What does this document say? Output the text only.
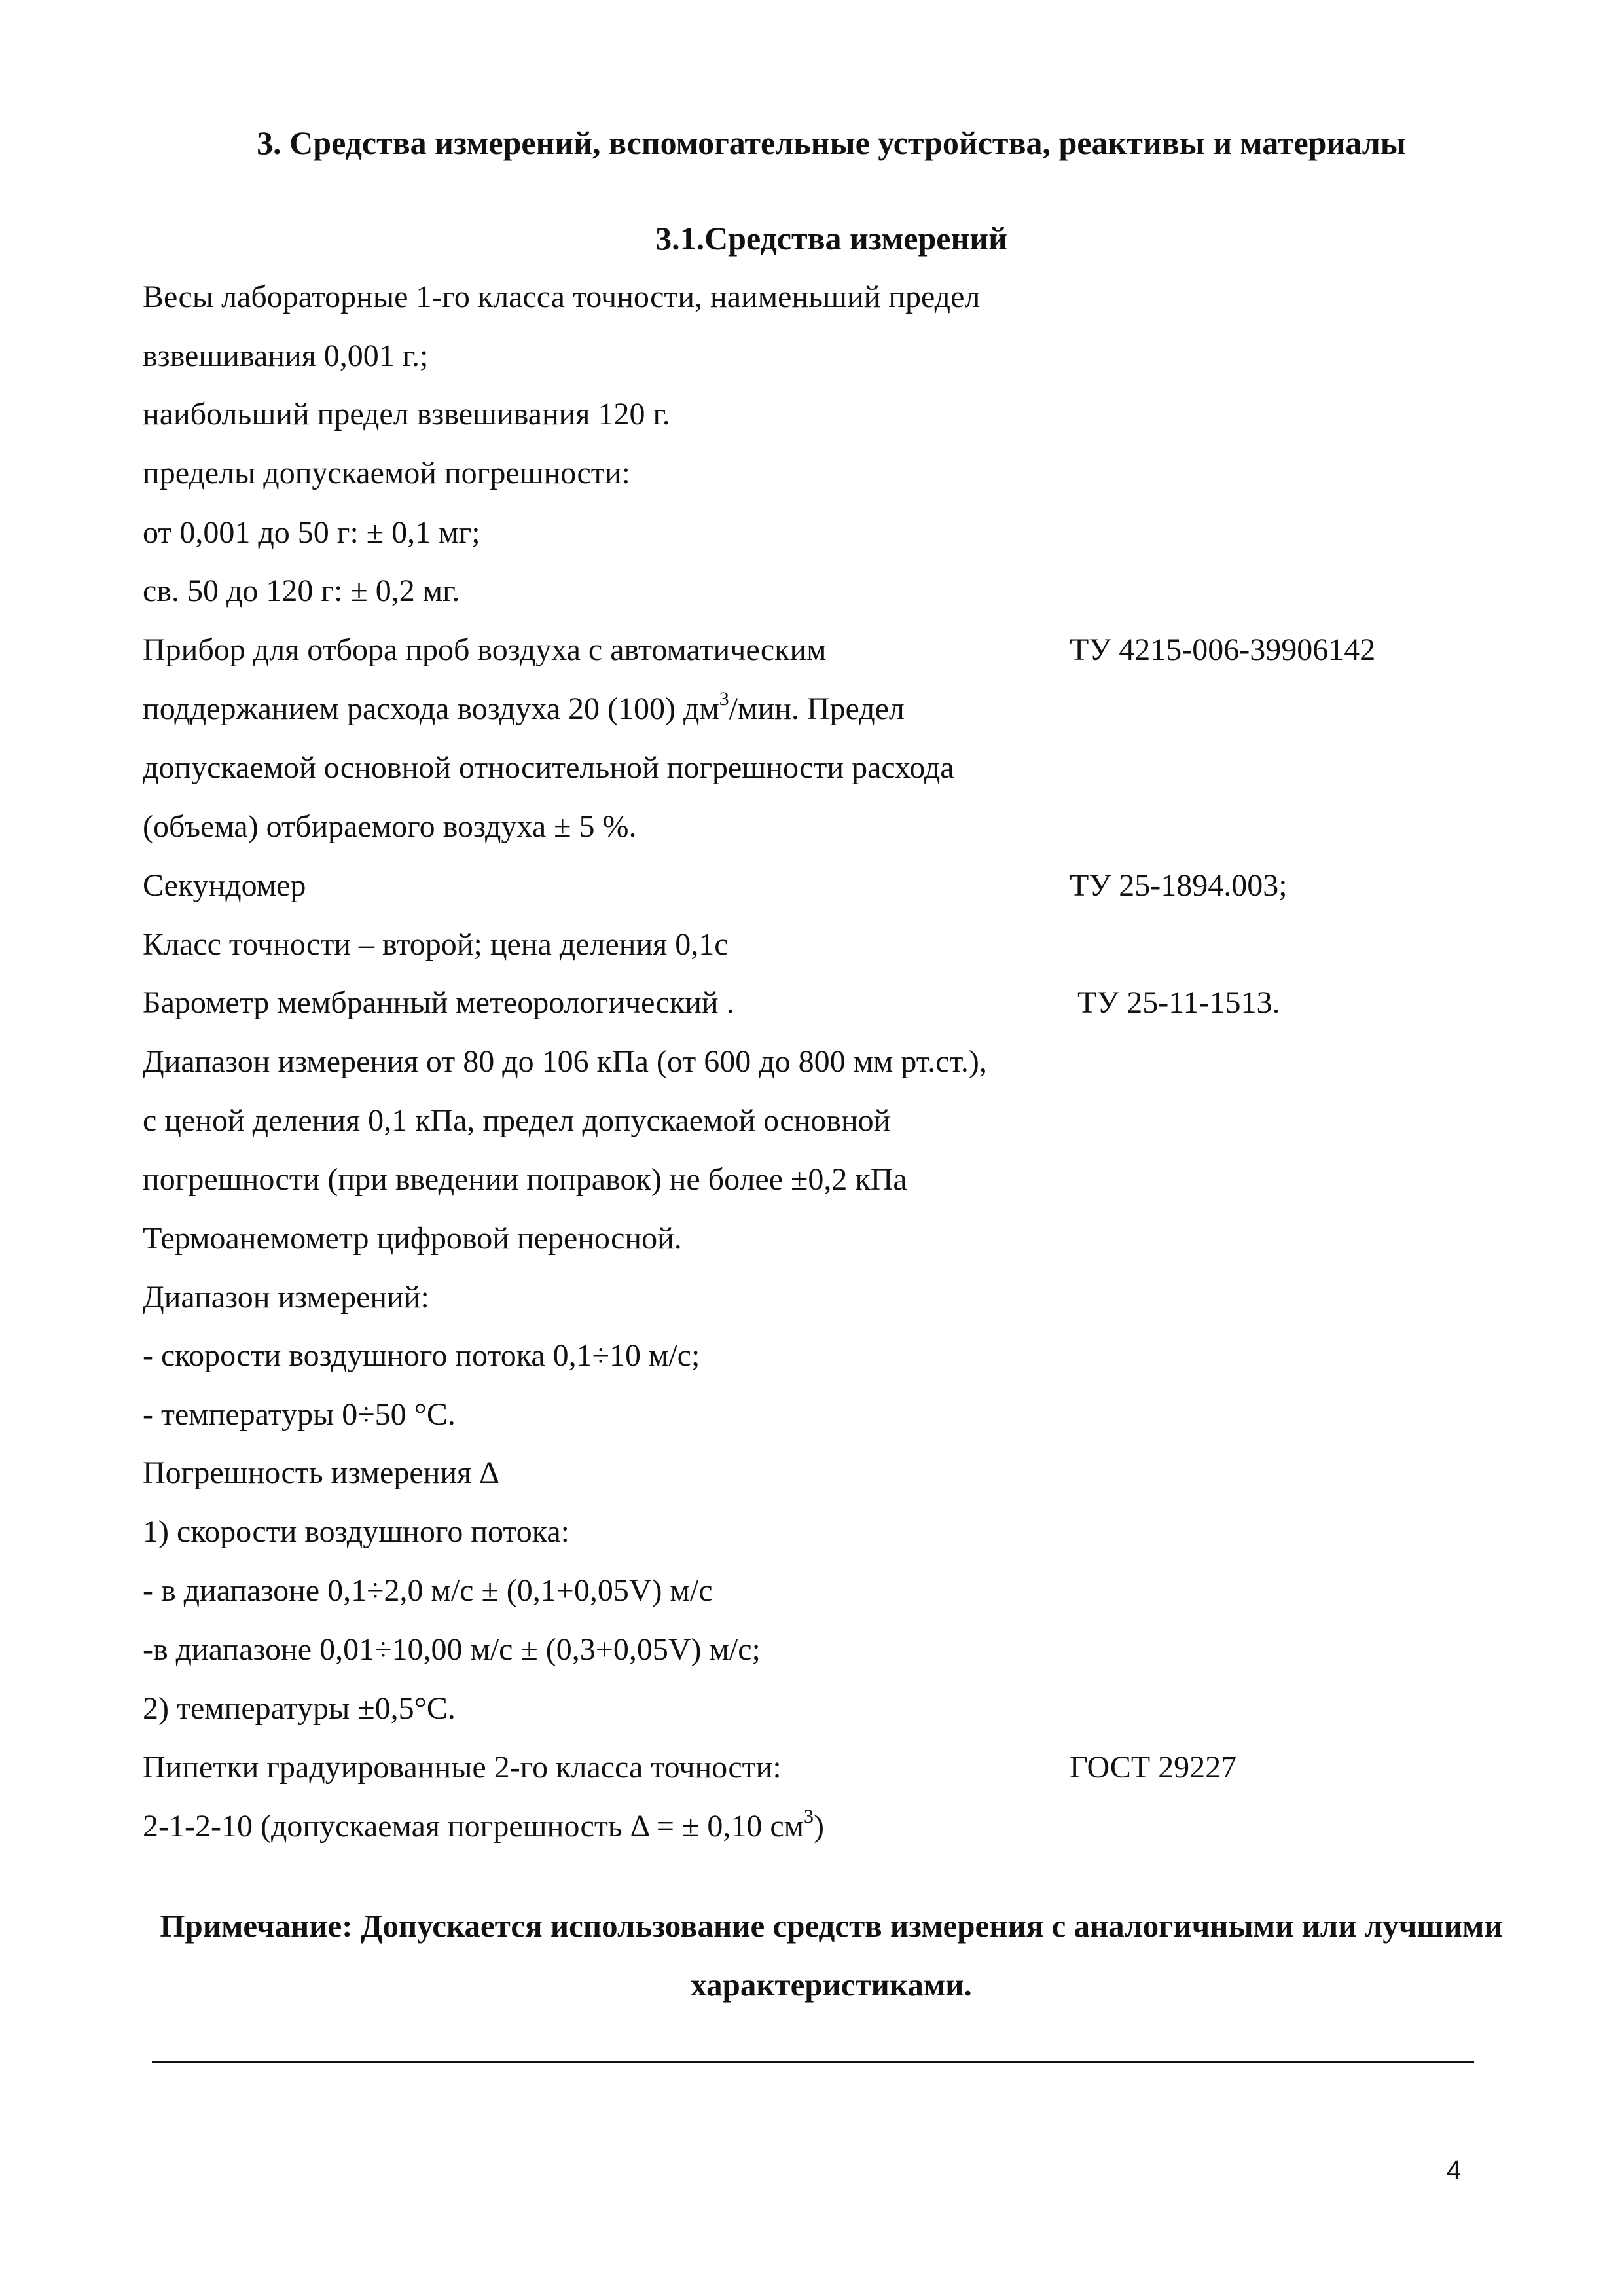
3. Средства измерений, вспомогательные устройства, реактивы и материалы
3.1.Средства измерений
Весы лабораторные 1-го класса точности, наименьший предел
взвешивания 0,001 г.;
наибольший предел взвешивания 120 г.
пределы допускаемой погрешности:
от 0,001 до 50 г: ± 0,1 мг;
св. 50 до 120 г: ± 0,2 мг.
Прибор для отбора проб воздуха с автоматическим	ТУ 4215-006-39906142
поддержанием расхода воздуха 20 (100) $дм^3$/мин. Предел
допускаемой основной относительной погрешности расхода
(объема) отбираемого воздуха ± 5 %.
Секундомер	ТУ 25-1894.003;
Класс точности – второй; цена деления 0,1с
Барометр мембранный метеорологический .	ТУ 25-11-1513.
Диапазон измерения от 80 до 106 кПа (от 600 до 800 мм рт.ст.),
с ценой деления 0,1 кПа, предел допускаемой основной
погрешности (при введении поправок) не более ±0,2 кПа
Термоанемометр цифровой переносной.
Диапазон измерений:
- скорости воздушного потока 0,1÷10 м/с;
- температуры 0÷50 °С.
Погрешность измерения Δ
1) скорости воздушного потока:
- в диапазоне 0,1÷2,0 м/с ± (0,1+0,05V) м/с
-в диапазоне 0,01÷10,00 м/с ± (0,3+0,05V) м/с;
2) температуры ±0,5°С.
Пипетки градуированные 2-го класса точности:	ГОСТ 29227
2-1-2-10 (допускаемая погрешность Δ = ± 0,10 $см^3$)
Примечание: Допускается использование средств измерения с аналогичными или лучшими
характеристиками.
4
